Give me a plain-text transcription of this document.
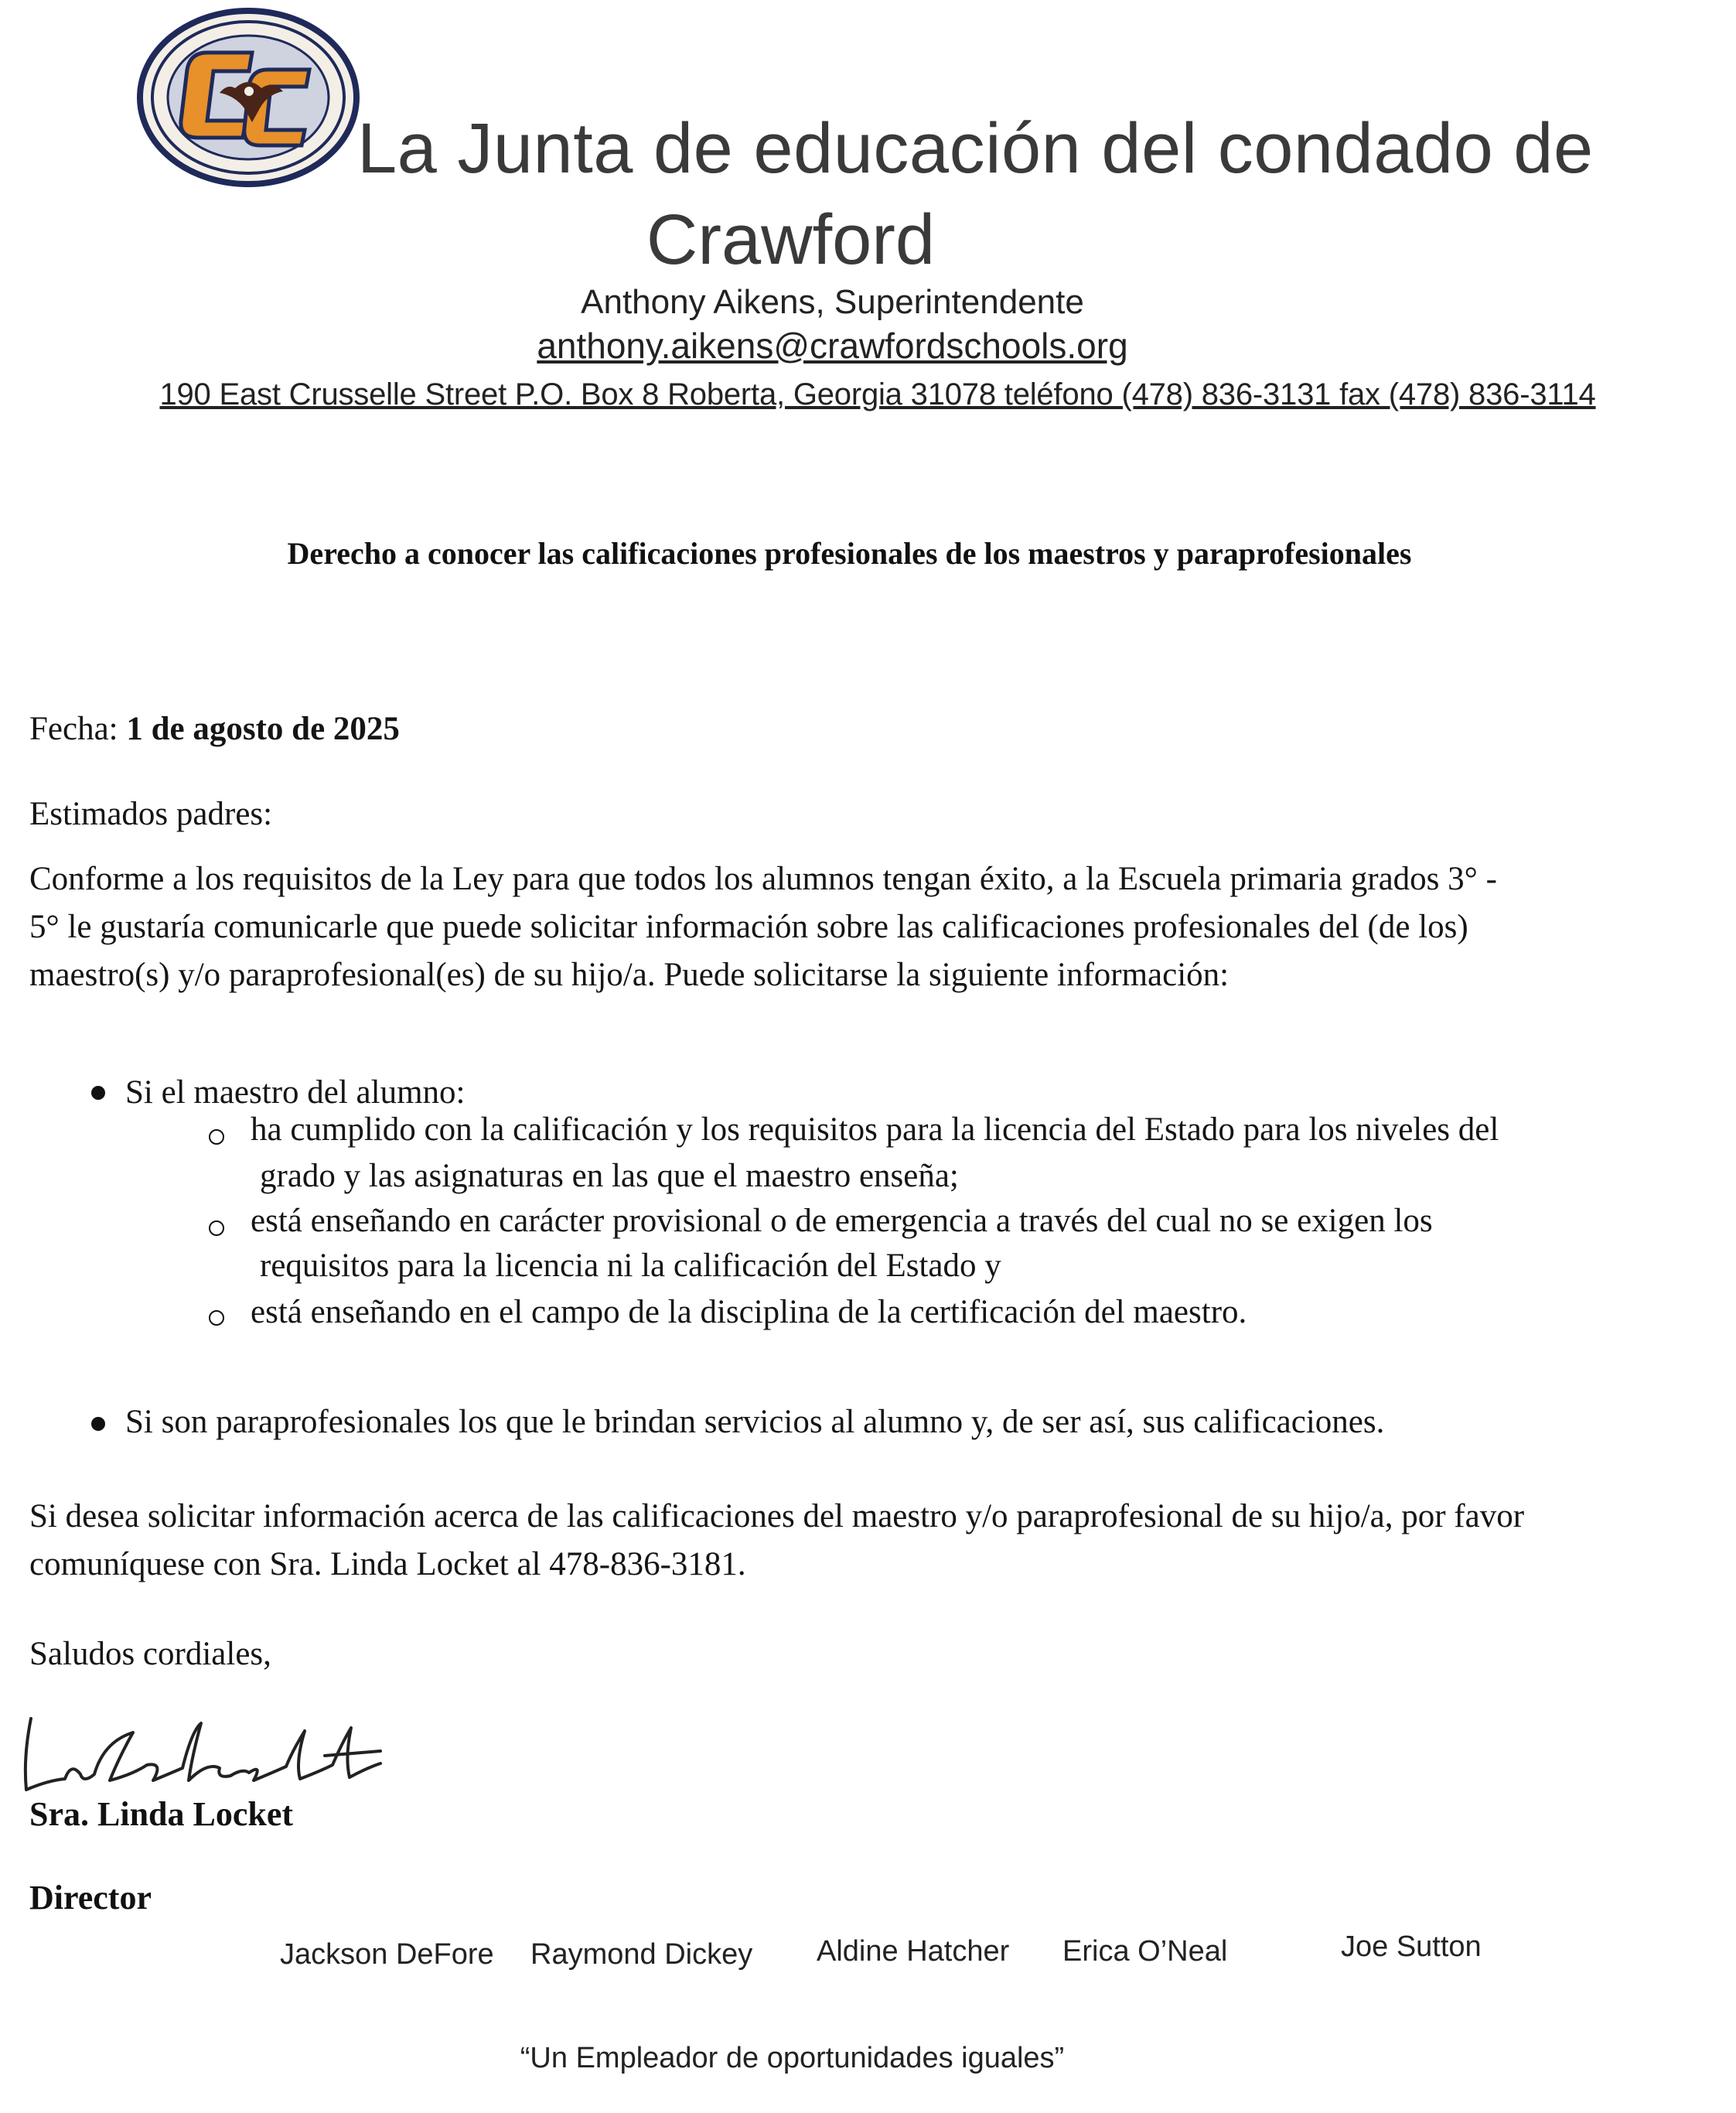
La Junta de educación del condado de
Crawford
Anthony Aikens, Superintendente
anthony.aikens@crawfordschools.org
190 East Crusselle Street P.O. Box 8 Roberta, Georgia 31078 teléfono (478) 836-3131 fax (478) 836-3114
Derecho a conocer las calificaciones profesionales de los maestros y paraprofesionales
Fecha: 1 de agosto de 2025
Estimados padres:
Conforme a los requisitos de la Ley para que todos los alumnos tengan éxito, a la Escuela primaria grados 3° -
5° le gustaría comunicarle que puede solicitar información sobre las calificaciones profesionales del (de los)
maestro(s) y/o paraprofesional(es) de su hijo/a. Puede solicitarse la siguiente información:
Si el maestro del alumno:
ha cumplido con la calificación y los requisitos para la licencia del Estado para los niveles del
grado y las asignaturas en las que el maestro enseña;
está enseñando en carácter provisional o de emergencia a través del cual no se exigen los
requisitos para la licencia ni la calificación del Estado y
está enseñando en el campo de la disciplina de la certificación del maestro.
Si son paraprofesionales los que le brindan servicios al alumno y, de ser así, sus calificaciones.
Si desea solicitar información acerca de las calificaciones del maestro y/o paraprofesional de su hijo/a, por favor
comuníquese con Sra. Linda Locket al 478-836-3181.
Saludos cordiales,
Sra. Linda Locket
Director
Jackson DeFore Raymond Dickey Aldine Hatcher Erica O’Neal	Joe Sutton
“Un Empleador de oportunidades iguales”
